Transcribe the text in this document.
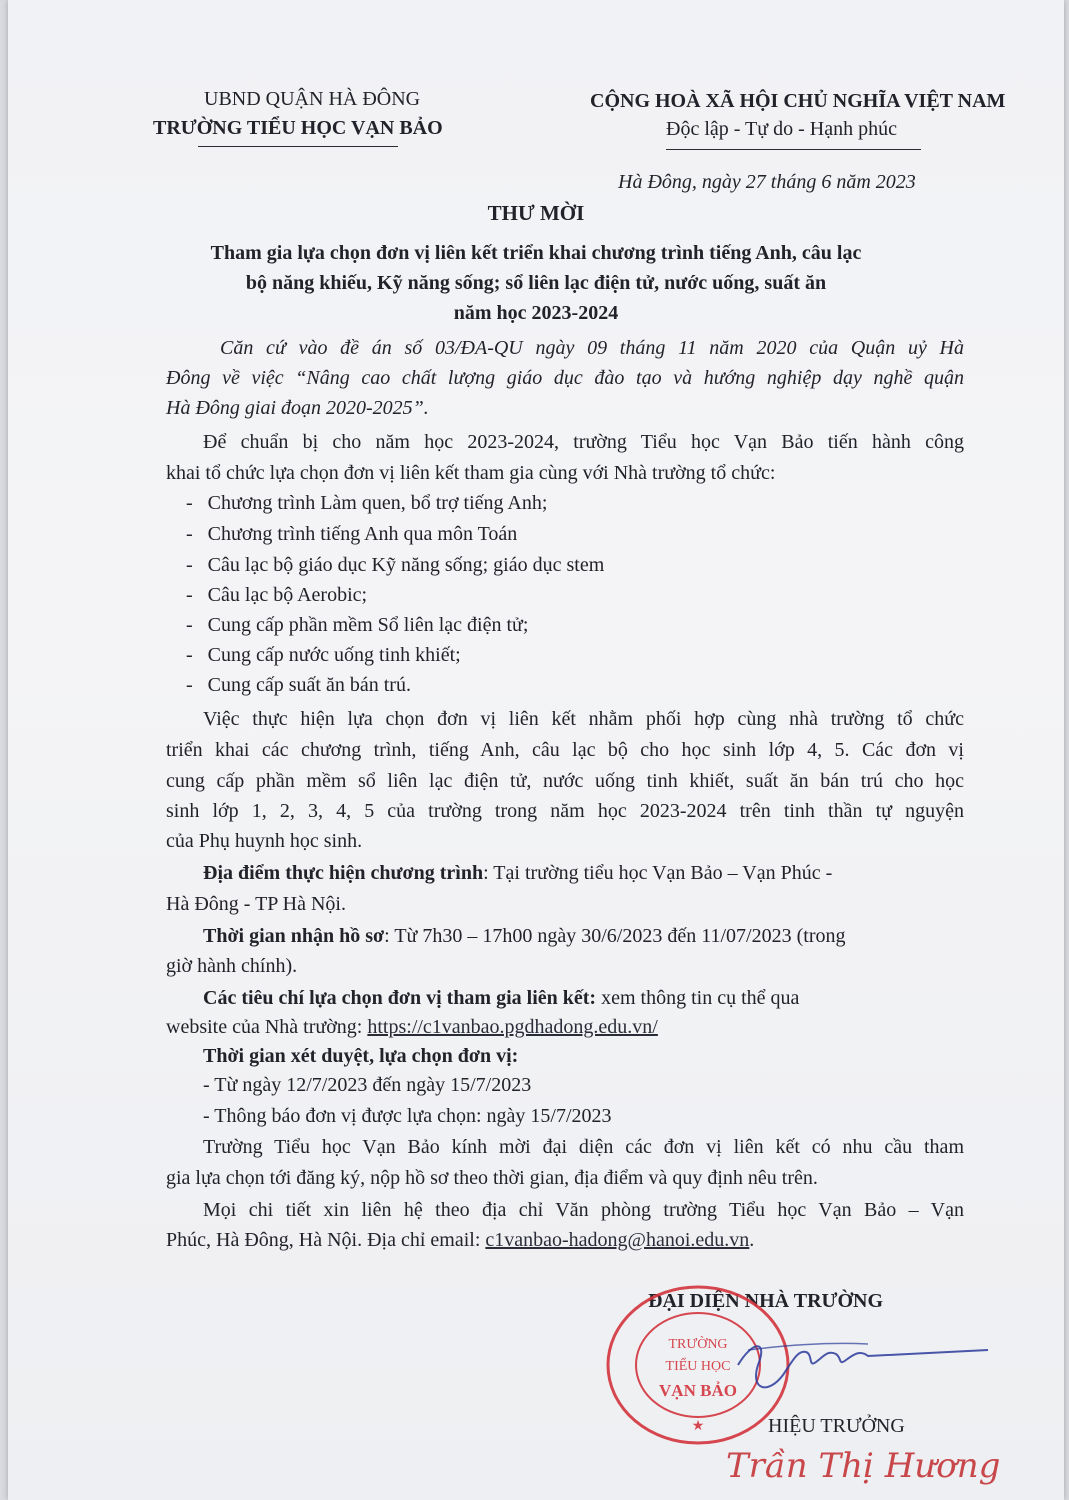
UBND QUẬN HÀ ĐÔNG
TRƯỜNG TIỂU HỌC VẠN BẢO
CỘNG HOÀ XÃ HỘI CHỦ NGHĨA VIỆT NAM
Độc lập - Tự do - Hạnh phúc
Hà Đông, ngày 27 tháng 6 năm 2023
THƯ MỜI
Tham gia lựa chọn đơn vị liên kết triển khai chương trình tiếng Anh, câu lạc
bộ năng khiếu, Kỹ năng sống; sổ liên lạc điện tử, nước uống, suất ăn
năm học 2023-2024
Căn cứ vào đề án số 03/ĐA-QU ngày 09 tháng 11 năm 2020 của Quận uỷ Hà
Đông về việc “Nâng cao chất lượng giáo dục đào tạo và hướng nghiệp dạy nghề quận
Hà Đông giai đoạn 2020-2025”.
Để chuẩn bị cho năm học 2023-2024, trường Tiểu học Vạn Bảo tiến hành công
khai tổ chức lựa chọn đơn vị liên kết tham gia cùng với Nhà trường tổ chức:
-   Chương trình Làm quen, bổ trợ tiếng Anh;
-   Chương trình tiếng Anh qua môn Toán
-   Câu lạc bộ giáo dục Kỹ năng sống; giáo dục stem
-   Câu lạc bộ Aerobic;
-   Cung cấp phần mềm Sổ liên lạc điện tử;
-   Cung cấp nước uống tinh khiết;
-   Cung cấp suất ăn bán trú.
Việc thực hiện lựa chọn đơn vị liên kết nhằm phối hợp cùng nhà trường tổ chức
triển khai các chương trình, tiếng Anh, câu lạc bộ cho học sinh lớp 4, 5. Các đơn vị
cung cấp phần mềm sổ liên lạc điện tử, nước uống tinh khiết, suất ăn bán trú cho học
sinh lớp 1, 2, 3, 4, 5 của trường trong năm học 2023-2024 trên tinh thần tự nguyện
của Phụ huynh học sinh.
Địa điểm thực hiện chương trình: Tại trường tiểu học Vạn Bảo – Vạn Phúc -
Hà Đông - TP Hà Nội.
Thời gian nhận hồ sơ: Từ 7h30 – 17h00 ngày 30/6/2023 đến 11/07/2023 (trong
giờ hành chính).
Các tiêu chí lựa chọn đơn vị tham gia liên kết: xem thông tin cụ thể qua
website của Nhà trường: https://c1vanbao.pgdhadong.edu.vn/
Thời gian xét duyệt, lựa chọn đơn vị:
- Từ ngày 12/7/2023 đến ngày 15/7/2023
- Thông báo đơn vị được lựa chọn: ngày 15/7/2023
Trường Tiểu học Vạn Bảo kính mời đại diện các đơn vị liên kết có nhu cầu tham
gia lựa chọn tới đăng ký, nộp hồ sơ theo thời gian, địa điểm và quy định nêu trên.
Mọi chi tiết xin liên hệ theo địa chỉ Văn phòng trường Tiểu học Vạn Bảo – Vạn
Phúc, Hà Đông, Hà Nội. Địa chỉ email: c1vanbao-hadong@hanoi.edu.vn.
ĐẠI DIỆN NHÀ TRƯỜNG
TRƯỜNG
TIỂU HỌC
VẠN BẢO
★	HIỆU TRƯỞNG
Trần Thị Hương
